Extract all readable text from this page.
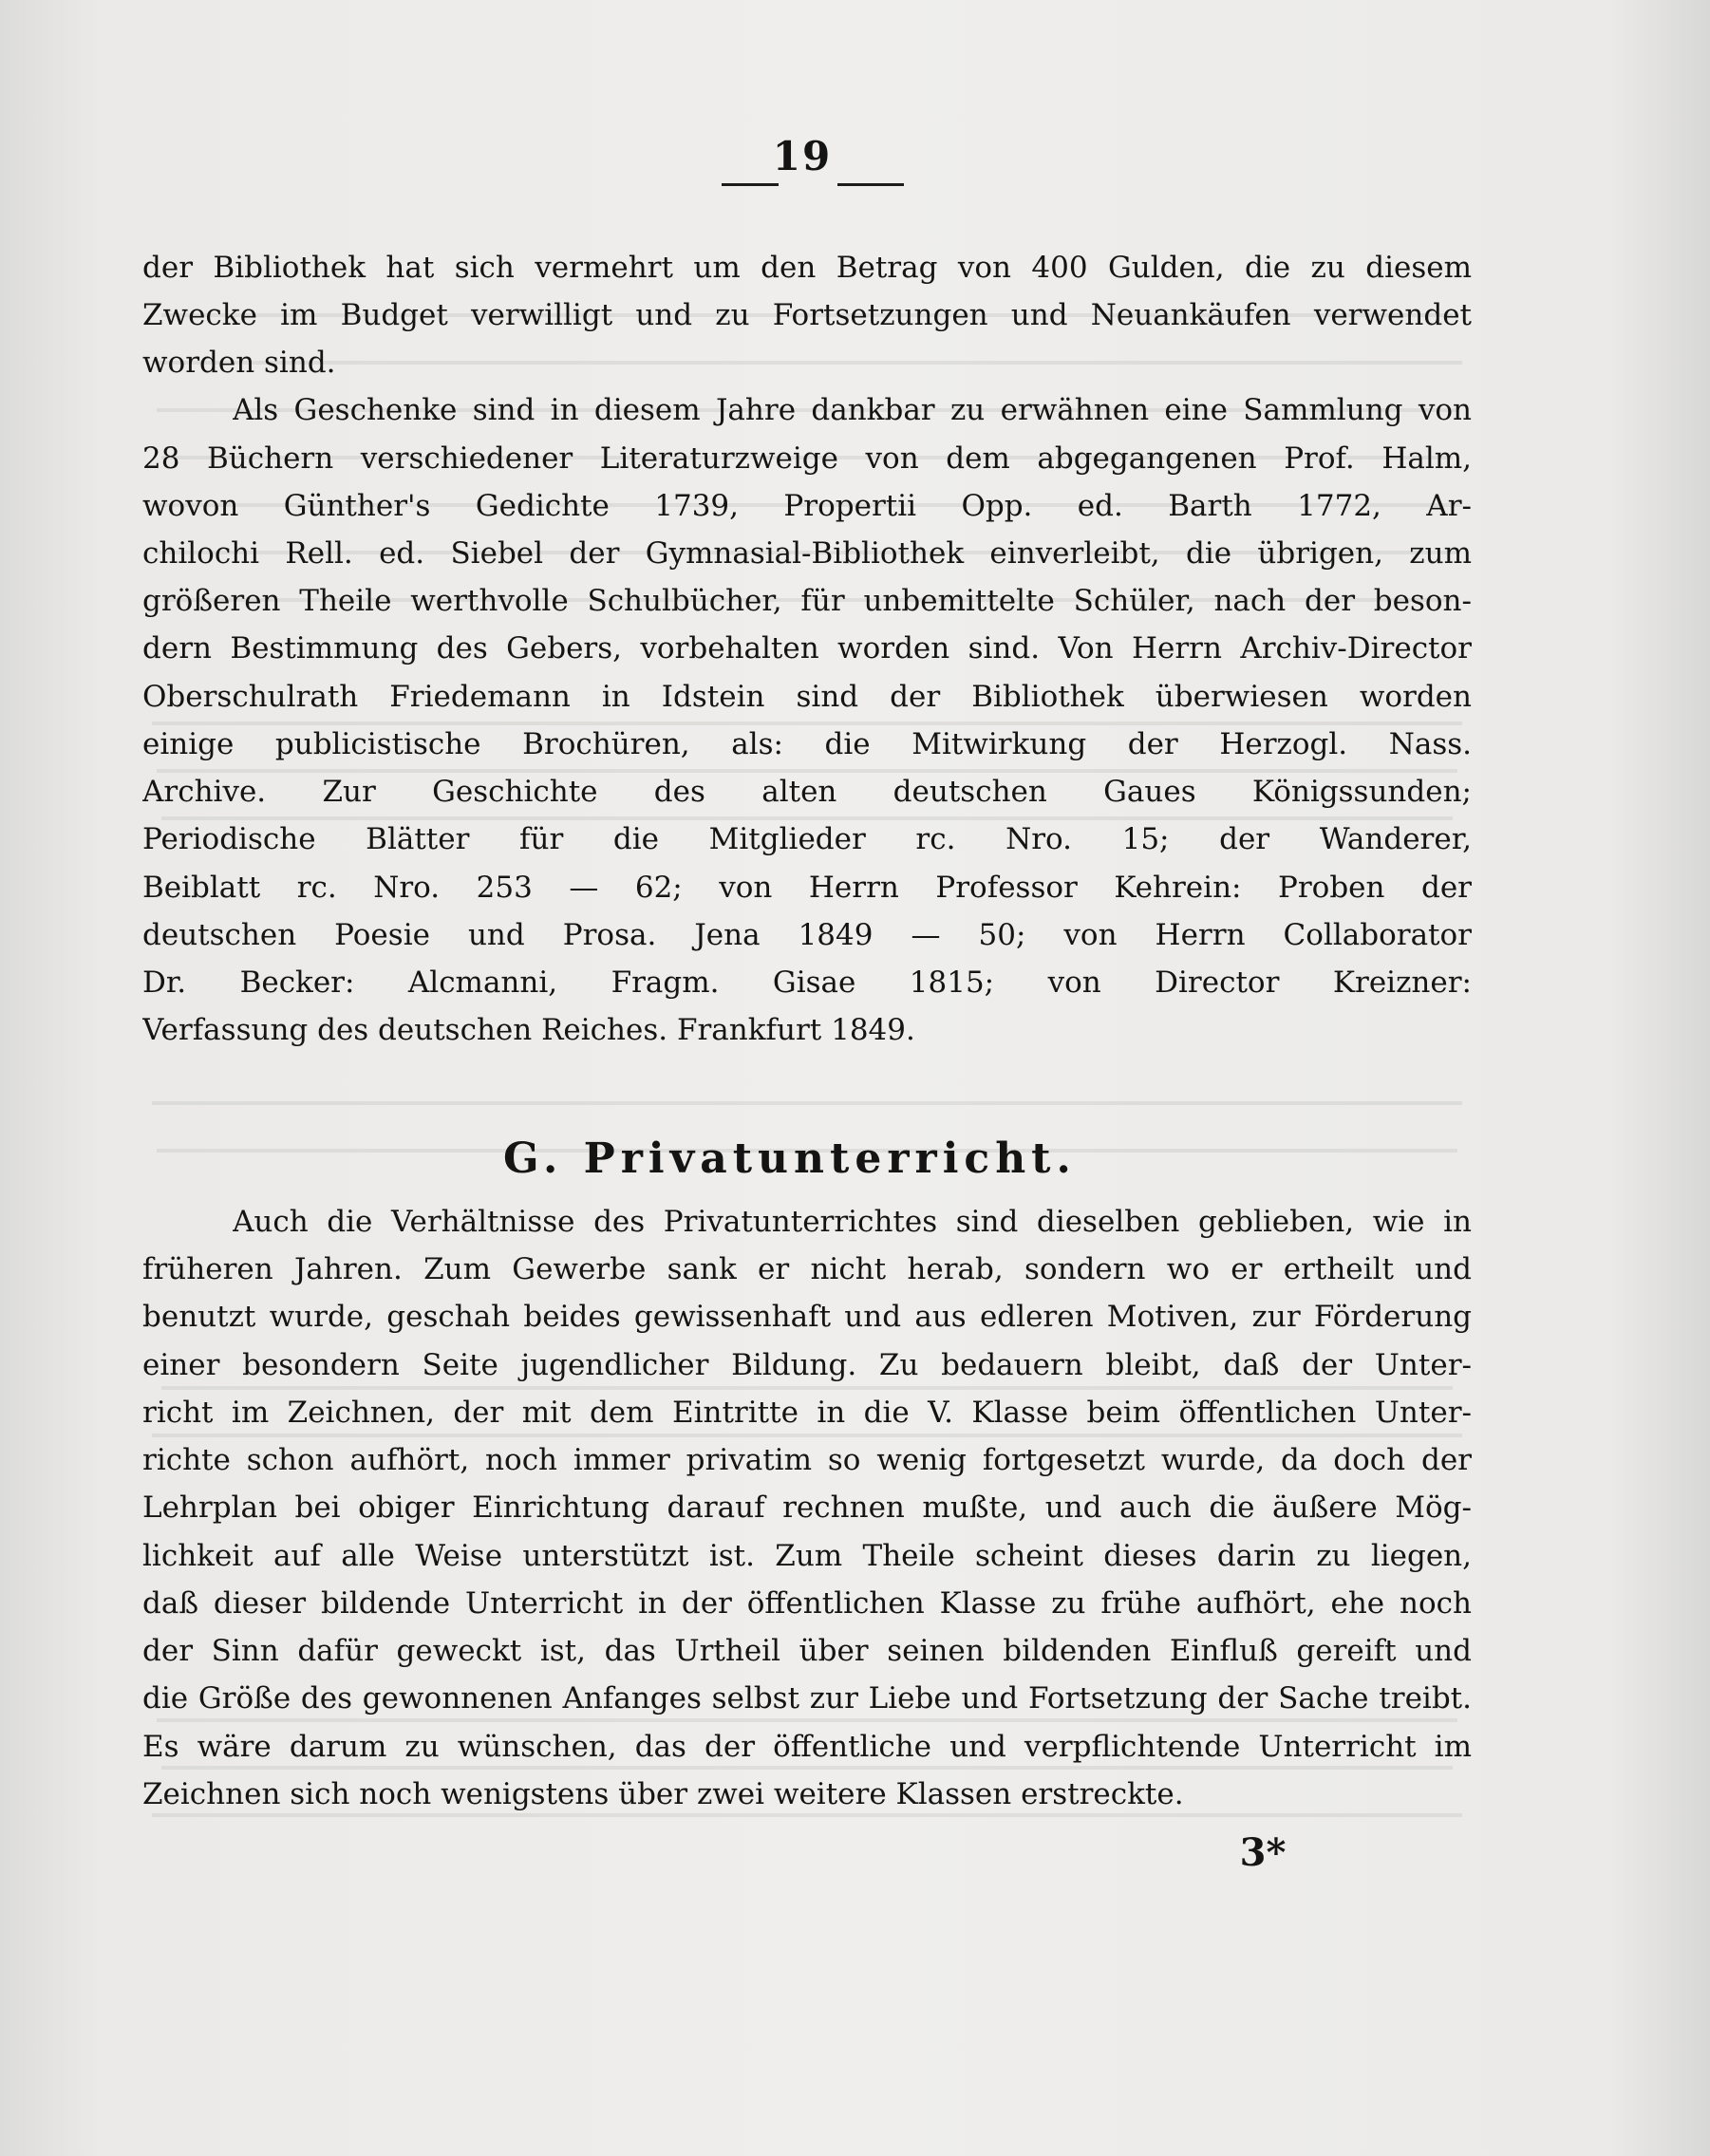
19
der Bibliothek hat sich vermehrt um den Betrag von 400 Gulden, die zu diesem
Zwecke im Budget verwilligt und zu Fortsetzungen und Neuankäufen verwendet
worden sind.
Als Geschenke sind in diesem Jahre dankbar zu erwähnen eine Sammlung von
28 Büchern verschiedener Literaturzweige von dem abgegangenen Prof. Halm,
wovon Günther's Gedichte 1739, Propertii Opp. ed. Barth 1772, Ar-
chilochi Rell. ed. Siebel der Gymnasial-Bibliothek einverleibt, die übrigen, zum
größeren Theile werthvolle Schulbücher, für unbemittelte Schüler, nach der beson-
dern Bestimmung des Gebers, vorbehalten worden sind. Von Herrn Archiv-Director
Oberschulrath Friedemann in Idstein sind der Bibliothek überwiesen worden
einige publicistische Brochüren, als: die Mitwirkung der Herzogl. Nass.
Archive. Zur Geschichte des alten deutschen Gaues Königssunden;
Periodische Blätter für die Mitglieder rc. Nro. 15; der Wanderer,
Beiblatt rc. Nro. 253 — 62; von Herrn Professor Kehrein: Proben der
deutschen Poesie und Prosa. Jena 1849 — 50; von Herrn Collaborator
Dr. Becker: Alcmanni, Fragm. Gisae 1815; von Director Kreizner:
Verfassung des deutschen Reiches. Frankfurt 1849.
G. Privatunterricht.
Auch die Verhältnisse des Privatunterrichtes sind dieselben geblieben, wie in
früheren Jahren. Zum Gewerbe sank er nicht herab, sondern wo er ertheilt und
benutzt wurde, geschah beides gewissenhaft und aus edleren Motiven, zur Förderung
einer besondern Seite jugendlicher Bildung. Zu bedauern bleibt, daß der Unter-
richt im Zeichnen, der mit dem Eintritte in die V. Klasse beim öffentlichen Unter-
richte schon aufhört, noch immer privatim so wenig fortgesetzt wurde, da doch der
Lehrplan bei obiger Einrichtung darauf rechnen mußte, und auch die äußere Mög-
lichkeit auf alle Weise unterstützt ist. Zum Theile scheint dieses darin zu liegen,
daß dieser bildende Unterricht in der öffentlichen Klasse zu frühe aufhört, ehe noch
der Sinn dafür geweckt ist, das Urtheil über seinen bildenden Einfluß gereift und
die Größe des gewonnenen Anfanges selbst zur Liebe und Fortsetzung der Sache treibt.
Es wäre darum zu wünschen, das der öffentliche und verpflichtende Unterricht im
Zeichnen sich noch wenigstens über zwei weitere Klassen erstreckte.
3*
